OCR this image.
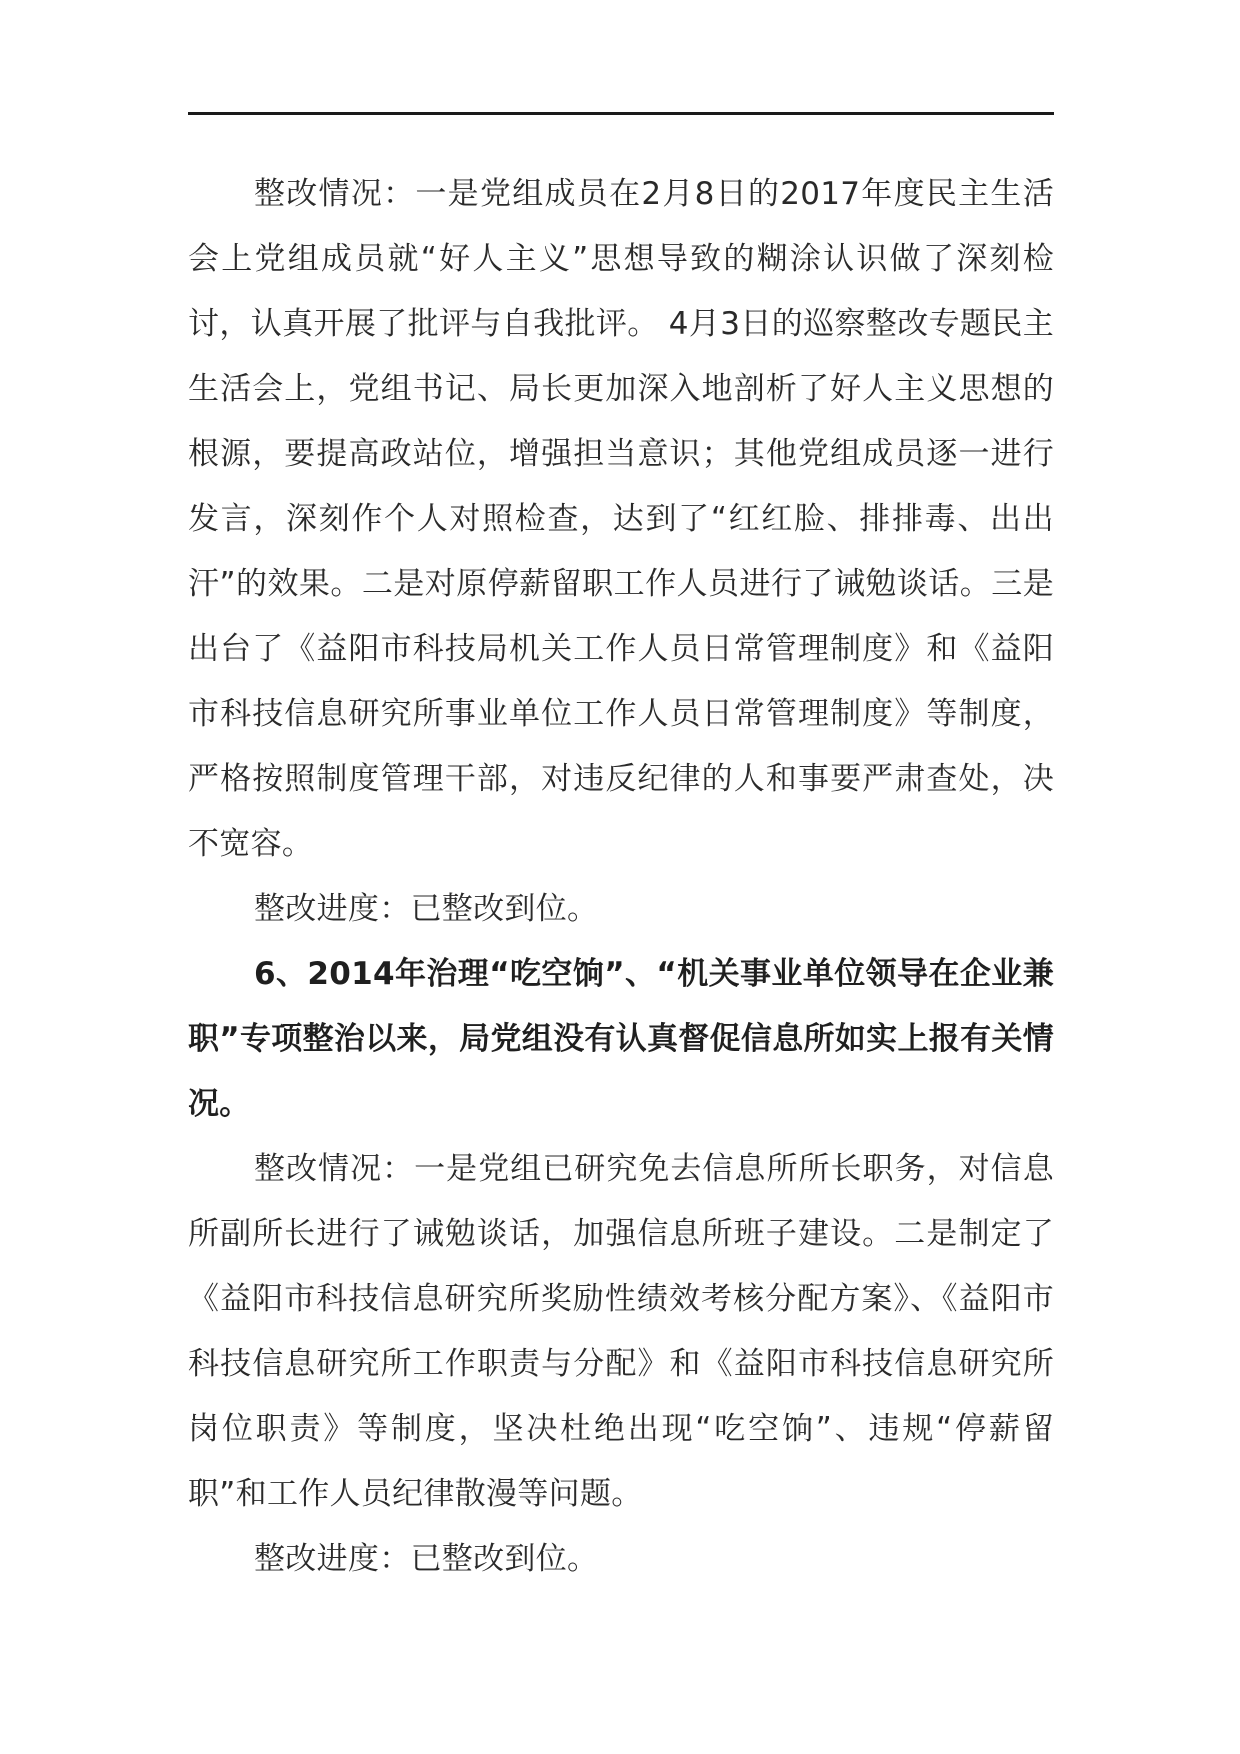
整改情况：一是党组成员在2月8日的2017年度民主生活会上党组成员就“好人主义”思想导致的糊涂认识做了深刻检讨，认真开展了批评与自我批评。 4月3日的巡察整改专题民主生活会上，党组书记、局长更加深入地剖析了好人主义思想的根源，要提高政站位，增强担当意识；其他党组成员逐一进行发言，深刻作个人对照检查，达到了“红红脸、排排毒、出出汗”的效果。二是对原停薪留职工作人员进行了诫勉谈话。三是出台了《益阳市科技局机关工作人员日常管理制度》和《益阳市科技信息研究所事业单位工作人员日常管理制度》等制度，严格按照制度管理干部，对违反纪律的人和事要严肃查处，决不宽容。

整改进度：已整改到位。

6、2014年治理“吃空饷”、“机关事业单位领导在企业兼职”专项整治以来，局党组没有认真督促信息所如实上报有关情况。

整改情况：一是党组已研究免去信息所所长职务，对信息所副所长进行了诫勉谈话，加强信息所班子建设。二是制定了《益阳市科技信息研究所奖励性绩效考核分配方案》、《益阳市科技信息研究所工作职责与分配》和《益阳市科技信息研究所岗位职责》等制度，坚决杜绝出现“吃空饷”、违规“停薪留职”和工作人员纪律散漫等问题。

整改进度：已整改到位。
